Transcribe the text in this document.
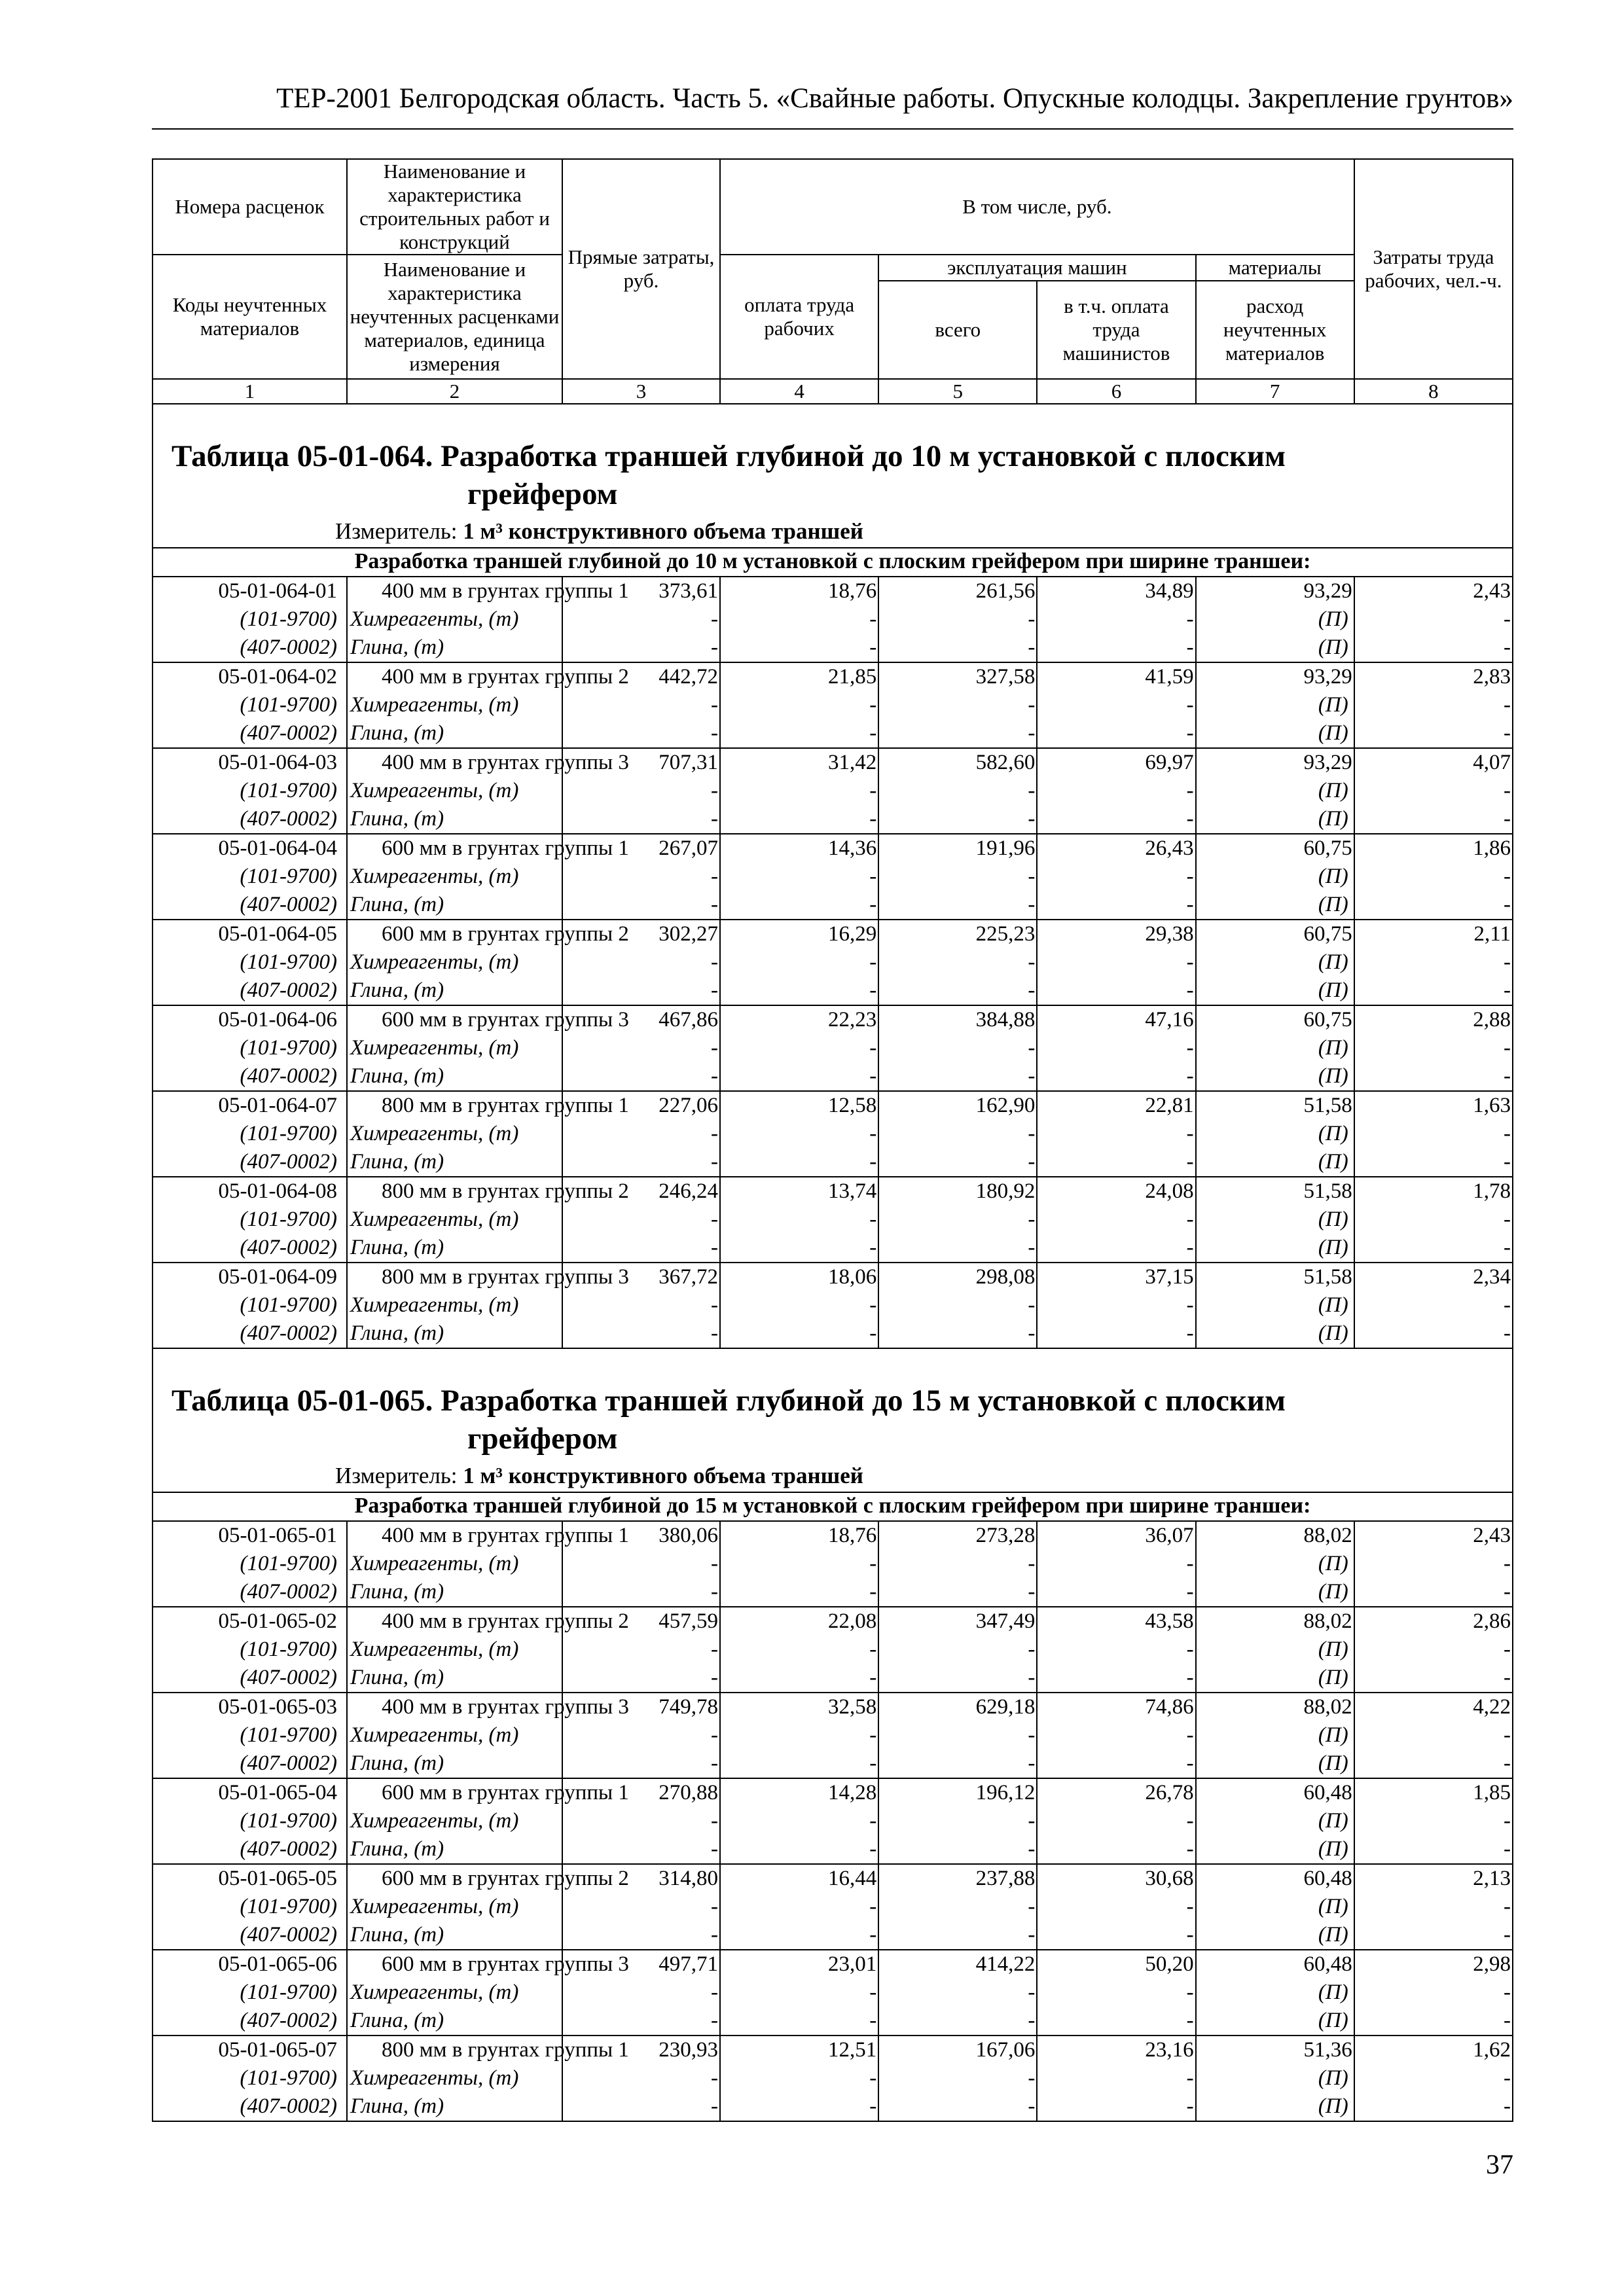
ТЕР-2001 Белгородская область. Часть 5. «Свайные работы. Опускные колодцы. Закрепление грунтов»
Номера расценок	Наименование и характеристика строительных работ и конструкций	Прямые затраты, руб.	В том числе, руб.				Затраты труда рабочих, чел.-ч.
Коды неучтенных материалов	Наименование и характеристика неучтенных расценками материалов, единица измерения		оплата труда рабочих	эксплуатация машин		материалы	
				всего	в т.ч. оплата труда машинистов	расход неучтенных материалов	
1	2	3	4	5	6	7	8
Таблица 05-01-064. Разработка траншей глубиной до 10 м установкой с плоским
грейфером
Измеритель: 1 м³ конструктивного объема траншей
Разработка траншей глубиной до 10 м установкой с плоским грейфером при ширине траншеи:
05-01-064-01	400 мм в грунтах группы 1	373,61	18,76	261,56	34,89	93,29	2,43
(101-9700)	Химреагенты, (т)	-	-	-	-	(П)	-
(407-0002)	Глина, (т)	-	-	-	-	(П)	-
05-01-064-02	400 мм в грунтах группы 2	442,72	21,85	327,58	41,59	93,29	2,83
(101-9700)	Химреагенты, (т)	-	-	-	-	(П)	-
(407-0002)	Глина, (т)	-	-	-	-	(П)	-
05-01-064-03	400 мм в грунтах группы 3	707,31	31,42	582,60	69,97	93,29	4,07
(101-9700)	Химреагенты, (т)	-	-	-	-	(П)	-
(407-0002)	Глина, (т)	-	-	-	-	(П)	-
05-01-064-04	600 мм в грунтах группы 1	267,07	14,36	191,96	26,43	60,75	1,86
(101-9700)	Химреагенты, (т)	-	-	-	-	(П)	-
(407-0002)	Глина, (т)	-	-	-	-	(П)	-
05-01-064-05	600 мм в грунтах группы 2	302,27	16,29	225,23	29,38	60,75	2,11
(101-9700)	Химреагенты, (т)	-	-	-	-	(П)	-
(407-0002)	Глина, (т)	-	-	-	-	(П)	-
05-01-064-06	600 мм в грунтах группы 3	467,86	22,23	384,88	47,16	60,75	2,88
(101-9700)	Химреагенты, (т)	-	-	-	-	(П)	-
(407-0002)	Глина, (т)	-	-	-	-	(П)	-
05-01-064-07	800 мм в грунтах группы 1	227,06	12,58	162,90	22,81	51,58	1,63
(101-9700)	Химреагенты, (т)	-	-	-	-	(П)	-
(407-0002)	Глина, (т)	-	-	-	-	(П)	-
05-01-064-08	800 мм в грунтах группы 2	246,24	13,74	180,92	24,08	51,58	1,78
(101-9700)	Химреагенты, (т)	-	-	-	-	(П)	-
(407-0002)	Глина, (т)	-	-	-	-	(П)	-
05-01-064-09	800 мм в грунтах группы 3	367,72	18,06	298,08	37,15	51,58	2,34
(101-9700)	Химреагенты, (т)	-	-	-	-	(П)	-
(407-0002)	Глина, (т)	-	-	-	-	(П)	-
Таблица 05-01-065. Разработка траншей глубиной до 15 м установкой с плоским
грейфером
Измеритель: 1 м³ конструктивного объема траншей
Разработка траншей глубиной до 15 м установкой с плоским грейфером при ширине траншеи:
05-01-065-01	400 мм в грунтах группы 1	380,06	18,76	273,28	36,07	88,02	2,43
(101-9700)	Химреагенты, (т)	-	-	-	-	(П)	-
(407-0002)	Глина, (т)	-	-	-	-	(П)	-
05-01-065-02	400 мм в грунтах группы 2	457,59	22,08	347,49	43,58	88,02	2,86
(101-9700)	Химреагенты, (т)	-	-	-	-	(П)	-
(407-0002)	Глина, (т)	-	-	-	-	(П)	-
05-01-065-03	400 мм в грунтах группы 3	749,78	32,58	629,18	74,86	88,02	4,22
(101-9700)	Химреагенты, (т)	-	-	-	-	(П)	-
(407-0002)	Глина, (т)	-	-	-	-	(П)	-
05-01-065-04	600 мм в грунтах группы 1	270,88	14,28	196,12	26,78	60,48	1,85
(101-9700)	Химреагенты, (т)	-	-	-	-	(П)	-
(407-0002)	Глина, (т)	-	-	-	-	(П)	-
05-01-065-05	600 мм в грунтах группы 2	314,80	16,44	237,88	30,68	60,48	2,13
(101-9700)	Химреагенты, (т)	-	-	-	-	(П)	-
(407-0002)	Глина, (т)	-	-	-	-	(П)	-
05-01-065-06	600 мм в грунтах группы 3	497,71	23,01	414,22	50,20	60,48	2,98
(101-9700)	Химреагенты, (т)	-	-	-	-	(П)	-
(407-0002)	Глина, (т)	-	-	-	-	(П)	-
05-01-065-07	800 мм в грунтах группы 1	230,93	12,51	167,06	23,16	51,36	1,62
(101-9700)	Химреагенты, (т)	-	-	-	-	(П)	-
(407-0002)	Глина, (т)	-	-	-	-	(П)	-
37
